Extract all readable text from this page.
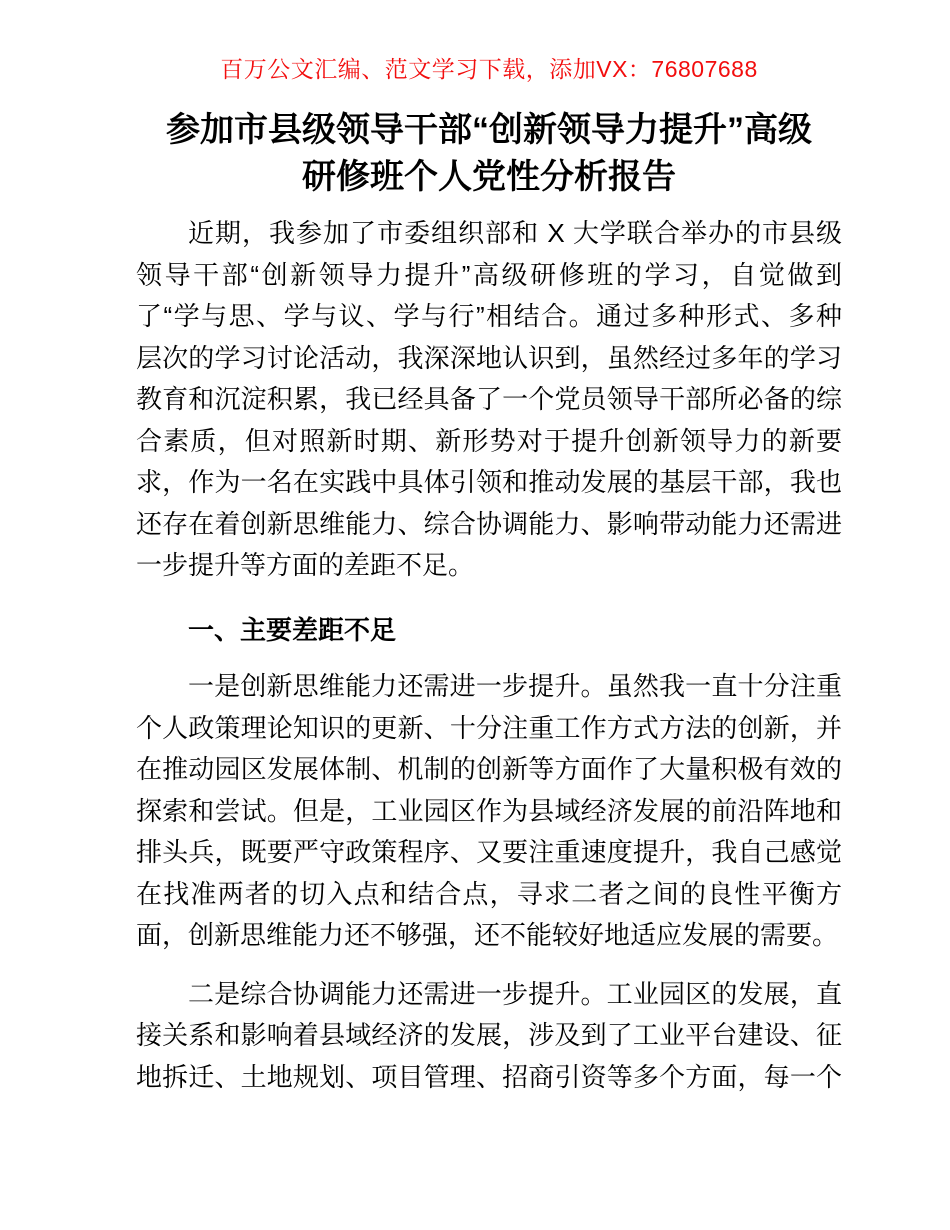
百万公文汇编、范文学习下载，添加VX：76807688
参加市县级领导干部“创新领导力提升”高级
研修班个人党性分析报告
近期，我参加了市委组织部和 X 大学联合举办的市县级
领导干部“创新领导力提升”高级研修班的学习，自觉做到
了“学与思、学与议、学与行”相结合。通过多种形式、多种
层次的学习讨论活动，我深深地认识到，虽然经过多年的学习
教育和沉淀积累，我已经具备了一个党员领导干部所必备的综
合素质，但对照新时期、新形势对于提升创新领导力的新要
求，作为一名在实践中具体引领和推动发展的基层干部，我也
还存在着创新思维能力、综合协调能力、影响带动能力还需进
一步提升等方面的差距不足。
一、主要差距不足
一是创新思维能力还需进一步提升。虽然我一直十分注重
个人政策理论知识的更新、十分注重工作方式方法的创新，并
在推动园区发展体制、机制的创新等方面作了大量积极有效的
探索和尝试。但是，工业园区作为县域经济发展的前沿阵地和
排头兵，既要严守政策程序、又要注重速度提升，我自己感觉
在找准两者的切入点和结合点，寻求二者之间的良性平衡方
面，创新思维能力还不够强，还不能较好地适应发展的需要。
二是综合协调能力还需进一步提升。工业园区的发展，直
接关系和影响着县域经济的发展，涉及到了工业平台建设、征
地拆迁、土地规划、项目管理、招商引资等多个方面，每一个
